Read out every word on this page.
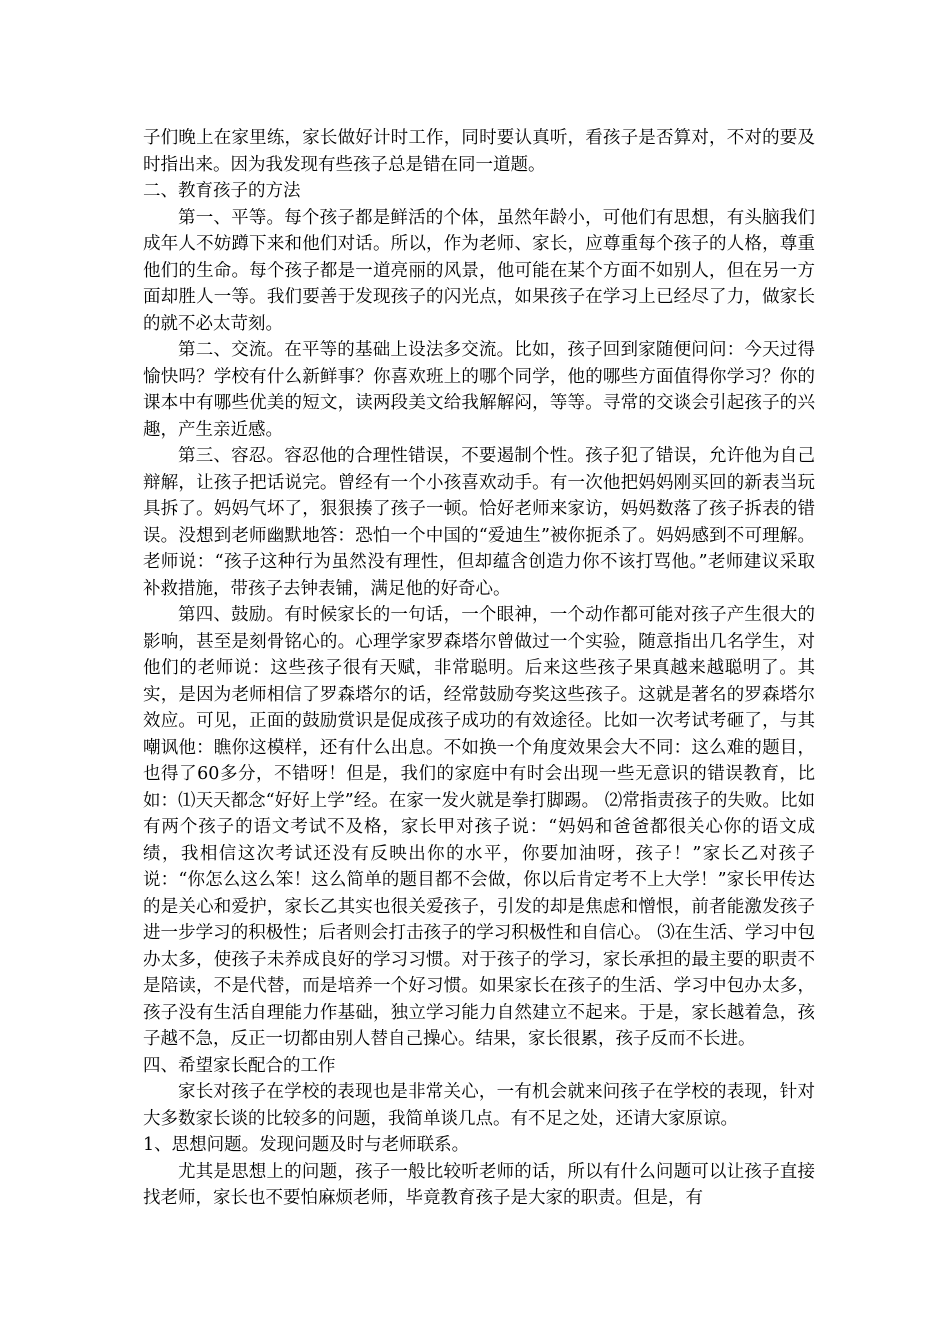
子们晚上在家里练，家长做好计时工作，同时要认真听，看孩子是否算对，不对的要及时指出来。因为我发现有些孩子总是错在同一道题。

二、教育孩子的方法

第一、平等。每个孩子都是鲜活的个体，虽然年龄小，可他们有思想，有头脑我们成年人不妨蹲下来和他们对话。所以，作为老师、家长，应尊重每个孩子的人格，尊重他们的生命。每个孩子都是一道亮丽的风景，他可能在某个方面不如别人，但在另一方面却胜人一等。我们要善于发现孩子的闪光点，如果孩子在学习上已经尽了力，做家长的就不必太苛刻。

第二、交流。在平等的基础上设法多交流。比如，孩子回到家随便问问：今天过得愉快吗？学校有什么新鲜事？你喜欢班上的哪个同学，他的哪些方面值得你学习？你的课本中有哪些优美的短文，读两段美文给我解解闷，等等。寻常的交谈会引起孩子的兴趣，产生亲近感。

第三、容忍。容忍他的合理性错误，不要遏制个性。孩子犯了错误，允许他为自己辩解，让孩子把话说完。曾经有一个小孩喜欢动手。有一次他把妈妈刚买回的新表当玩具拆了。妈妈气坏了，狠狠揍了孩子一顿。恰好老师来家访，妈妈数落了孩子拆表的错误。没想到老师幽默地答：恐怕一个中国的“爱迪生”被你扼杀了。妈妈感到不可理解。老师说：“孩子这种行为虽然没有理性，但却蕴含创造力你不该打骂他。”老师建议采取补救措施，带孩子去钟表铺，满足他的好奇心。

第四、鼓励。有时候家长的一句话，一个眼神，一个动作都可能对孩子产生很大的影响，甚至是刻骨铭心的。心理学家罗森塔尔曾做过一个实验，随意指出几名学生，对他们的老师说：这些孩子很有天赋，非常聪明。后来这些孩子果真越来越聪明了。其实，是因为老师相信了罗森塔尔的话，经常鼓励夸奖这些孩子。这就是著名的罗森塔尔效应。可见，正面的鼓励赏识是促成孩子成功的有效途径。比如一次考试考砸了，与其嘲讽他：瞧你这模样，还有什么出息。不如换一个角度效果会大不同：这么难的题目，也得了60多分，不错呀！但是，我们的家庭中有时会出现一些无意识的错误教育，比如：⑴天天都念“好好上学”经。在家一发火就是拳打脚踢。 ⑵常指责孩子的失败。比如有两个孩子的语文考试不及格，家长甲对孩子说：“妈妈和爸爸都很关心你的语文成绩，我相信这次考试还没有反映出你的水平，你要加油呀，孩子！”家长乙对孩子说：“你怎么这么笨！这么简单的题目都不会做，你以后肯定考不上大学！”家长甲传达的是关心和爱护，家长乙其实也很关爱孩子，引发的却是焦虑和憎恨，前者能激发孩子进一步学习的积极性；后者则会打击孩子的学习积极性和自信心。 ⑶在生活、学习中包办太多，使孩子未养成良好的学习习惯。对于孩子的学习，家长承担的最主要的职责不是陪读，不是代替，而是培养一个好习惯。如果家长在孩子的生活、学习中包办太多，孩子没有生活自理能力作基础，独立学习能力自然建立不起来。于是，家长越着急，孩子越不急，反正一切都由别人替自己操心。结果，家长很累，孩子反而不长进。

四、希望家长配合的工作

家长对孩子在学校的表现也是非常关心，一有机会就来问孩子在学校的表现，针对大多数家长谈的比较多的问题，我简单谈几点。有不足之处，还请大家原谅。

1、思想问题。发现问题及时与老师联系。

尤其是思想上的问题，孩子一般比较听老师的话，所以有什么问题可以让孩子直接找老师，家长也不要怕麻烦老师，毕竟教育孩子是大家的职责。但是，有
